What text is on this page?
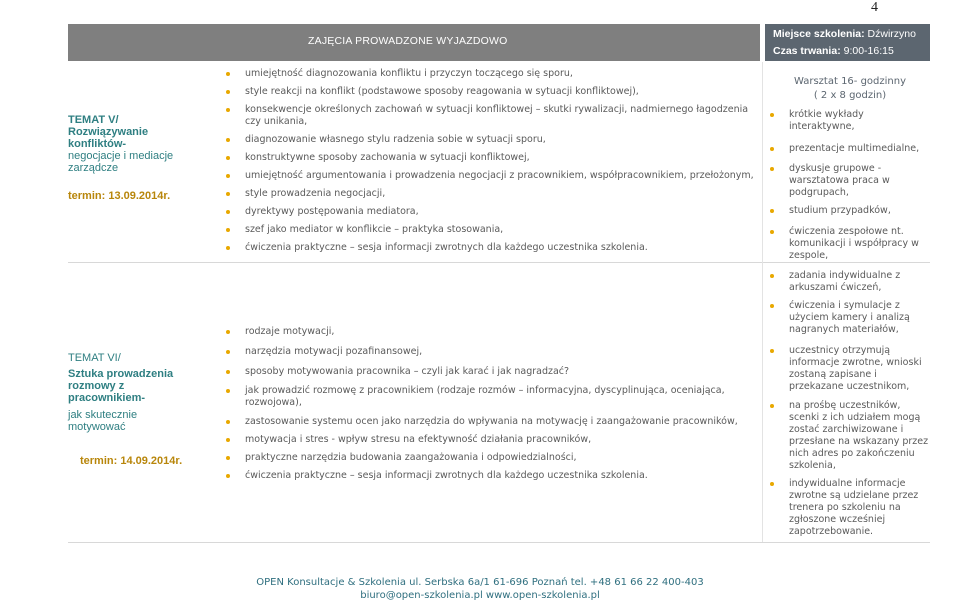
4
ZAJĘCIA PROWADZONE WYJAZDOWO
Miejsce szkolenia: Dźwirzyno
Czas trwania: 9:00-16:15
TEMAT V/
Rozwiązywanie
konfliktów-
negocjacje i mediacje
zarządcze
termin: 13.09.2014r.
TEMAT VI/
Sztuka prowadzenia
rozmowy z pracownikiem-
jak skutecznie motywować
termin: 14.09.2014r.
umiejętność diagnozowania konfliktu i przyczyn toczącego się sporu,
style reakcji na konflikt (podstawowe sposoby reagowania w sytuacji konfliktowej),
konsekwencje określonych zachowań w sytuacji konfliktowej – skutki rywalizacji, nadmiernego łagodzenia czy unikania,
diagnozowanie własnego stylu radzenia sobie w sytuacji sporu,
konstruktywne sposoby zachowania w sytuacji konfliktowej,
umiejętność argumentowania i prowadzenia negocjacji z pracownikiem, współpracownikiem, przełożonym,
style prowadzenia negocjacji,
dyrektywy postępowania mediatora,
szef jako mediator w konflikcie – praktyka stosowania,
ćwiczenia praktyczne – sesja informacji zwrotnych dla każdego uczestnika szkolenia.
rodzaje motywacji,
narzędzia motywacji pozafinansowej,
sposoby motywowania pracownika – czyli jak karać i jak nagradzać?
jak prowadzić rozmowę z pracownikiem (rodzaje rozmów – informacyjna, dyscyplinująca, oceniająca, rozwojowa),
zastosowanie systemu ocen jako narzędzia do wpływania na motywację i zaangażowanie pracowników,
motywacja i stres - wpływ stresu na efektywność działania pracowników,
praktyczne narzędzia budowania zaangażowania i odpowiedzialności,
ćwiczenia praktyczne – sesja informacji zwrotnych dla każdego uczestnika szkolenia.
Warsztat 16- godzinny
( 2 x 8 godzin)
krótkie wykłady interaktywne,
prezentacje multimedialne,
dyskusje grupowe - warsztatowa praca w podgrupach,
studium przypadków,
ćwiczenia zespołowe nt. komunikacji i współpracy w zespole,
zadania indywidualne z arkuszami ćwiczeń,
ćwiczenia i symulacje z użyciem kamery i analizą nagranych materiałów,
uczestnicy otrzymują informacje zwrotne, wnioski zostaną zapisane i przekazane uczestnikom,
na prośbę uczestników, scenki z ich udziałem mogą zostać zarchiwizowane i przesłane na wskazany przez nich adres po zakończeniu szkolenia,
indywidualne informacje zwrotne są udzielane przez trenera po szkoleniu na zgłoszone wcześniej zapotrzebowanie.
OPEN Konsultacje & Szkolenia ul. Serbska 6a/1 61-696 Poznań tel. +48 61 66 22 400-403
biuro@open-szkolenia.pl www.open-szkolenia.pl
